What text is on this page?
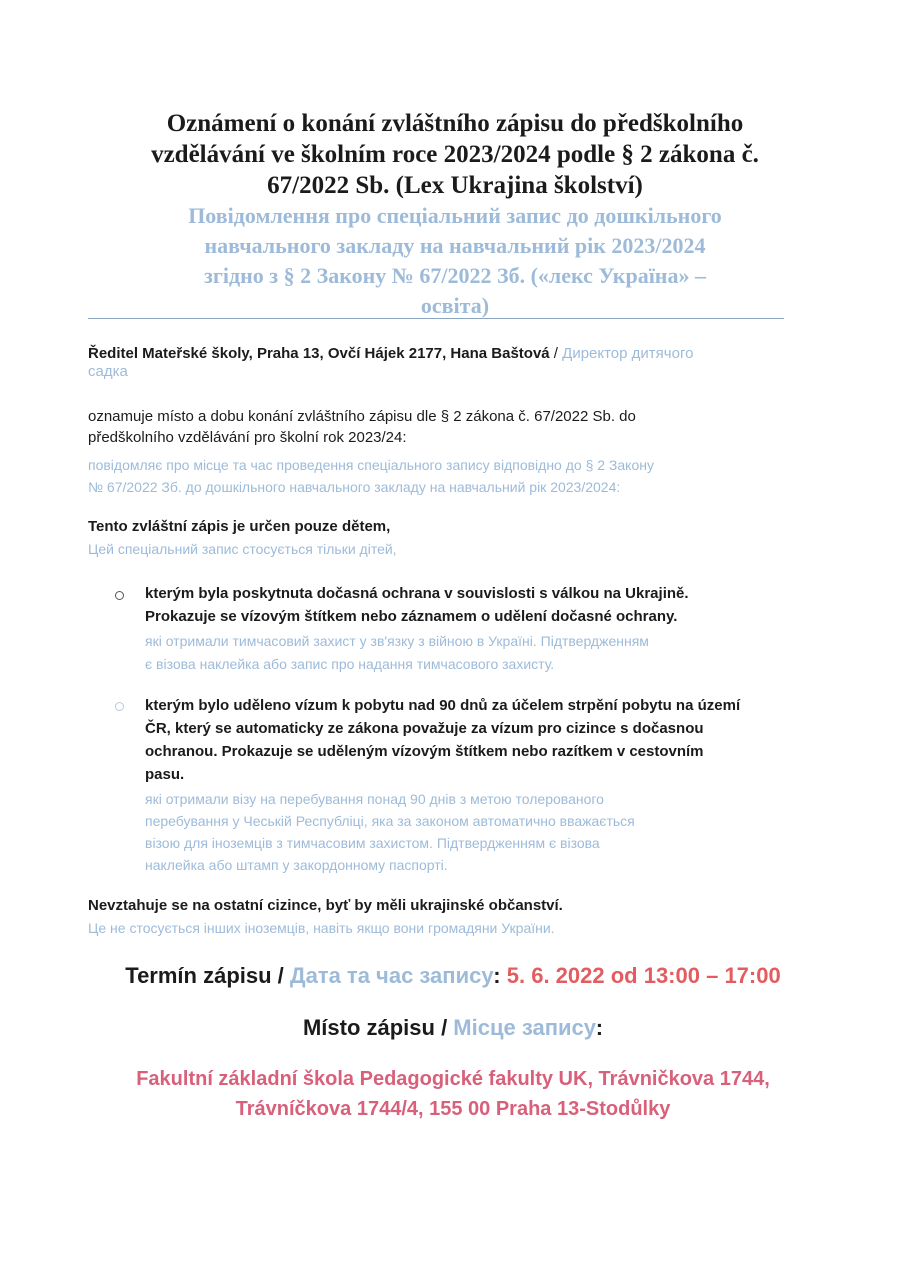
Oznámení o konání zvláštního zápisu do předškolního
vzdělávání ve školním roce 2023/2024 podle § 2 zákona č.
67/2022 Sb. (Lex Ukrajina školství)
Повідомлення про спеціальний запис до дошкільного
навчального закладу на навчальний рік 2023/2024
згідно з § 2 Закону № 67/2022 Зб. («лекс Україна» –
освіта)
Ředitel Mateřské školy, Praha 13, Ovčí Hájek 2177, Hana Baštová / Директор дитячого
садка
oznamuje místo a dobu konání zvláštního zápisu dle § 2 zákona č. 67/2022 Sb. do
předškolního vzdělávání pro školní rok 2023/24:
повідомляє про місце та час проведення спеціального запису відповідно до § 2 Закону
№ 67/2022 Зб. до дошкільного навчального закладу на навчальний рік 2023/2024:
Tento zvláštní zápis je určen pouze dětem,
Цей спеціальний запис стосується тільки дітей,
kterým byla poskytnuta dočasná ochrana v souvislosti s válkou na Ukrajině.
Prokazuje se vízovým štítkem nebo záznamem o udělení dočasné ochrany.
які отримали тимчасовий захист у зв'язку з війною в Україні. Підтвердженням
є візова наклейка або запис про надання тимчасового захисту.
kterým bylo uděleno vízum k pobytu nad 90 dnů za účelem strpění pobytu na území
ČR, který se automaticky ze zákona považuje za vízum pro cizince s dočasnou
ochranou. Prokazuje se uděleným vízovým štítkem nebo razítkem v cestovním
pasu.
які отримали візу на перебування понад 90 днів з метою толерованого
перебування у Чеській Республіці, яка за законом автоматично вважається
візою для іноземців з тимчасовим захистом. Підтвердженням є візова
наклейка або штамп у закордонному паспорті.
Nevztahuje se na ostatní cizince, byť by měli ukrajinské občanství.
Це не стосується інших іноземців, навіть якщо вони громадяни України.
Termín zápisu / Дата та час запису: 5. 6. 2022 od 13:00 – 17:00
Místo zápisu / Місце запису:
Fakultní základní škola Pedagogické fakulty UK, Trávničkova 1744,
Trávníčkova 1744/4, 155 00 Praha 13-Stodůlky
